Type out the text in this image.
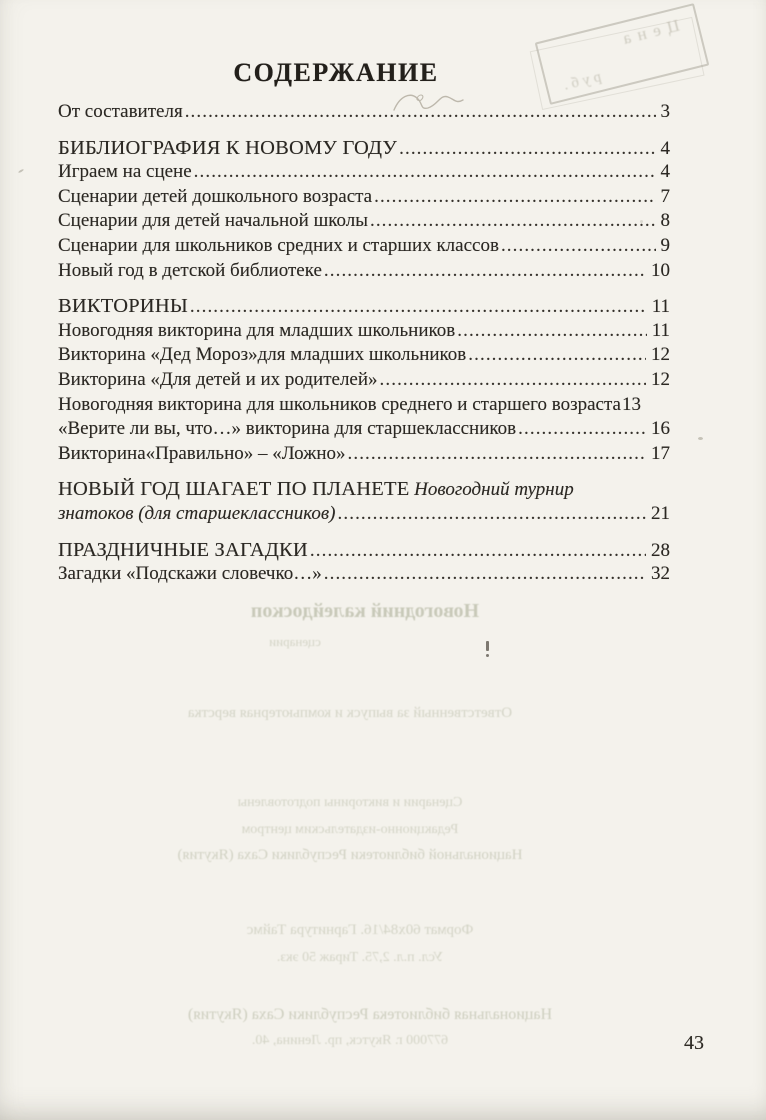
СОДЕРЖАНИЕ
Цена
руб.
От составителя .....	3
БИБЛИОГРАФИЯ К НОВОМУ ГОДУ .....	4
Играем на сцене .....	4
Сценарии детей дошкольного возраста .....	7
Сценарии для детей начальной школы .....	8
Сценарии для школьников средних и старших классов .....	9
Новый год в детской библиотеке .....	10
ВИКТОРИНЫ .....	11
Новогодняя викторина для младших школьников .....	11
Викторина «Дед Мороз»для младших школьников .....	12
Викторина «Для детей и их родителей» .....	12
Новогодняя викторина для школьников среднего и старшего возраста 13
«Верите ли вы, что…» викторина для старшеклассников .....	16
Викторина«Правильно» – «Ложно» .....	17
НОВЫЙ ГОД ШАГАЕТ ПО ПЛАНЕТЕ Новогодний турнир
знатоков (для старшеклассников) .....	21
ПРАЗДНИЧНЫЕ ЗАГАДКИ .....	28
Загадки «Подскажи словечко…» .....	32
Новогодний калейдоскоп
сценарии
Ответственный за выпуск и компьютерная верстка
Сценарии и викторины подготовлены
Редакционно-издательским центром
Национальной библиотеки Республики Саха (Якутия)
Формат 60х84/16. Гарнитура Таймс
Усл. п.л. 2,75. Тираж 50 экз.
Национальная библиотека Республики Саха (Якутия)
677000 г. Якутск, пр. Ленина, 40.	43
